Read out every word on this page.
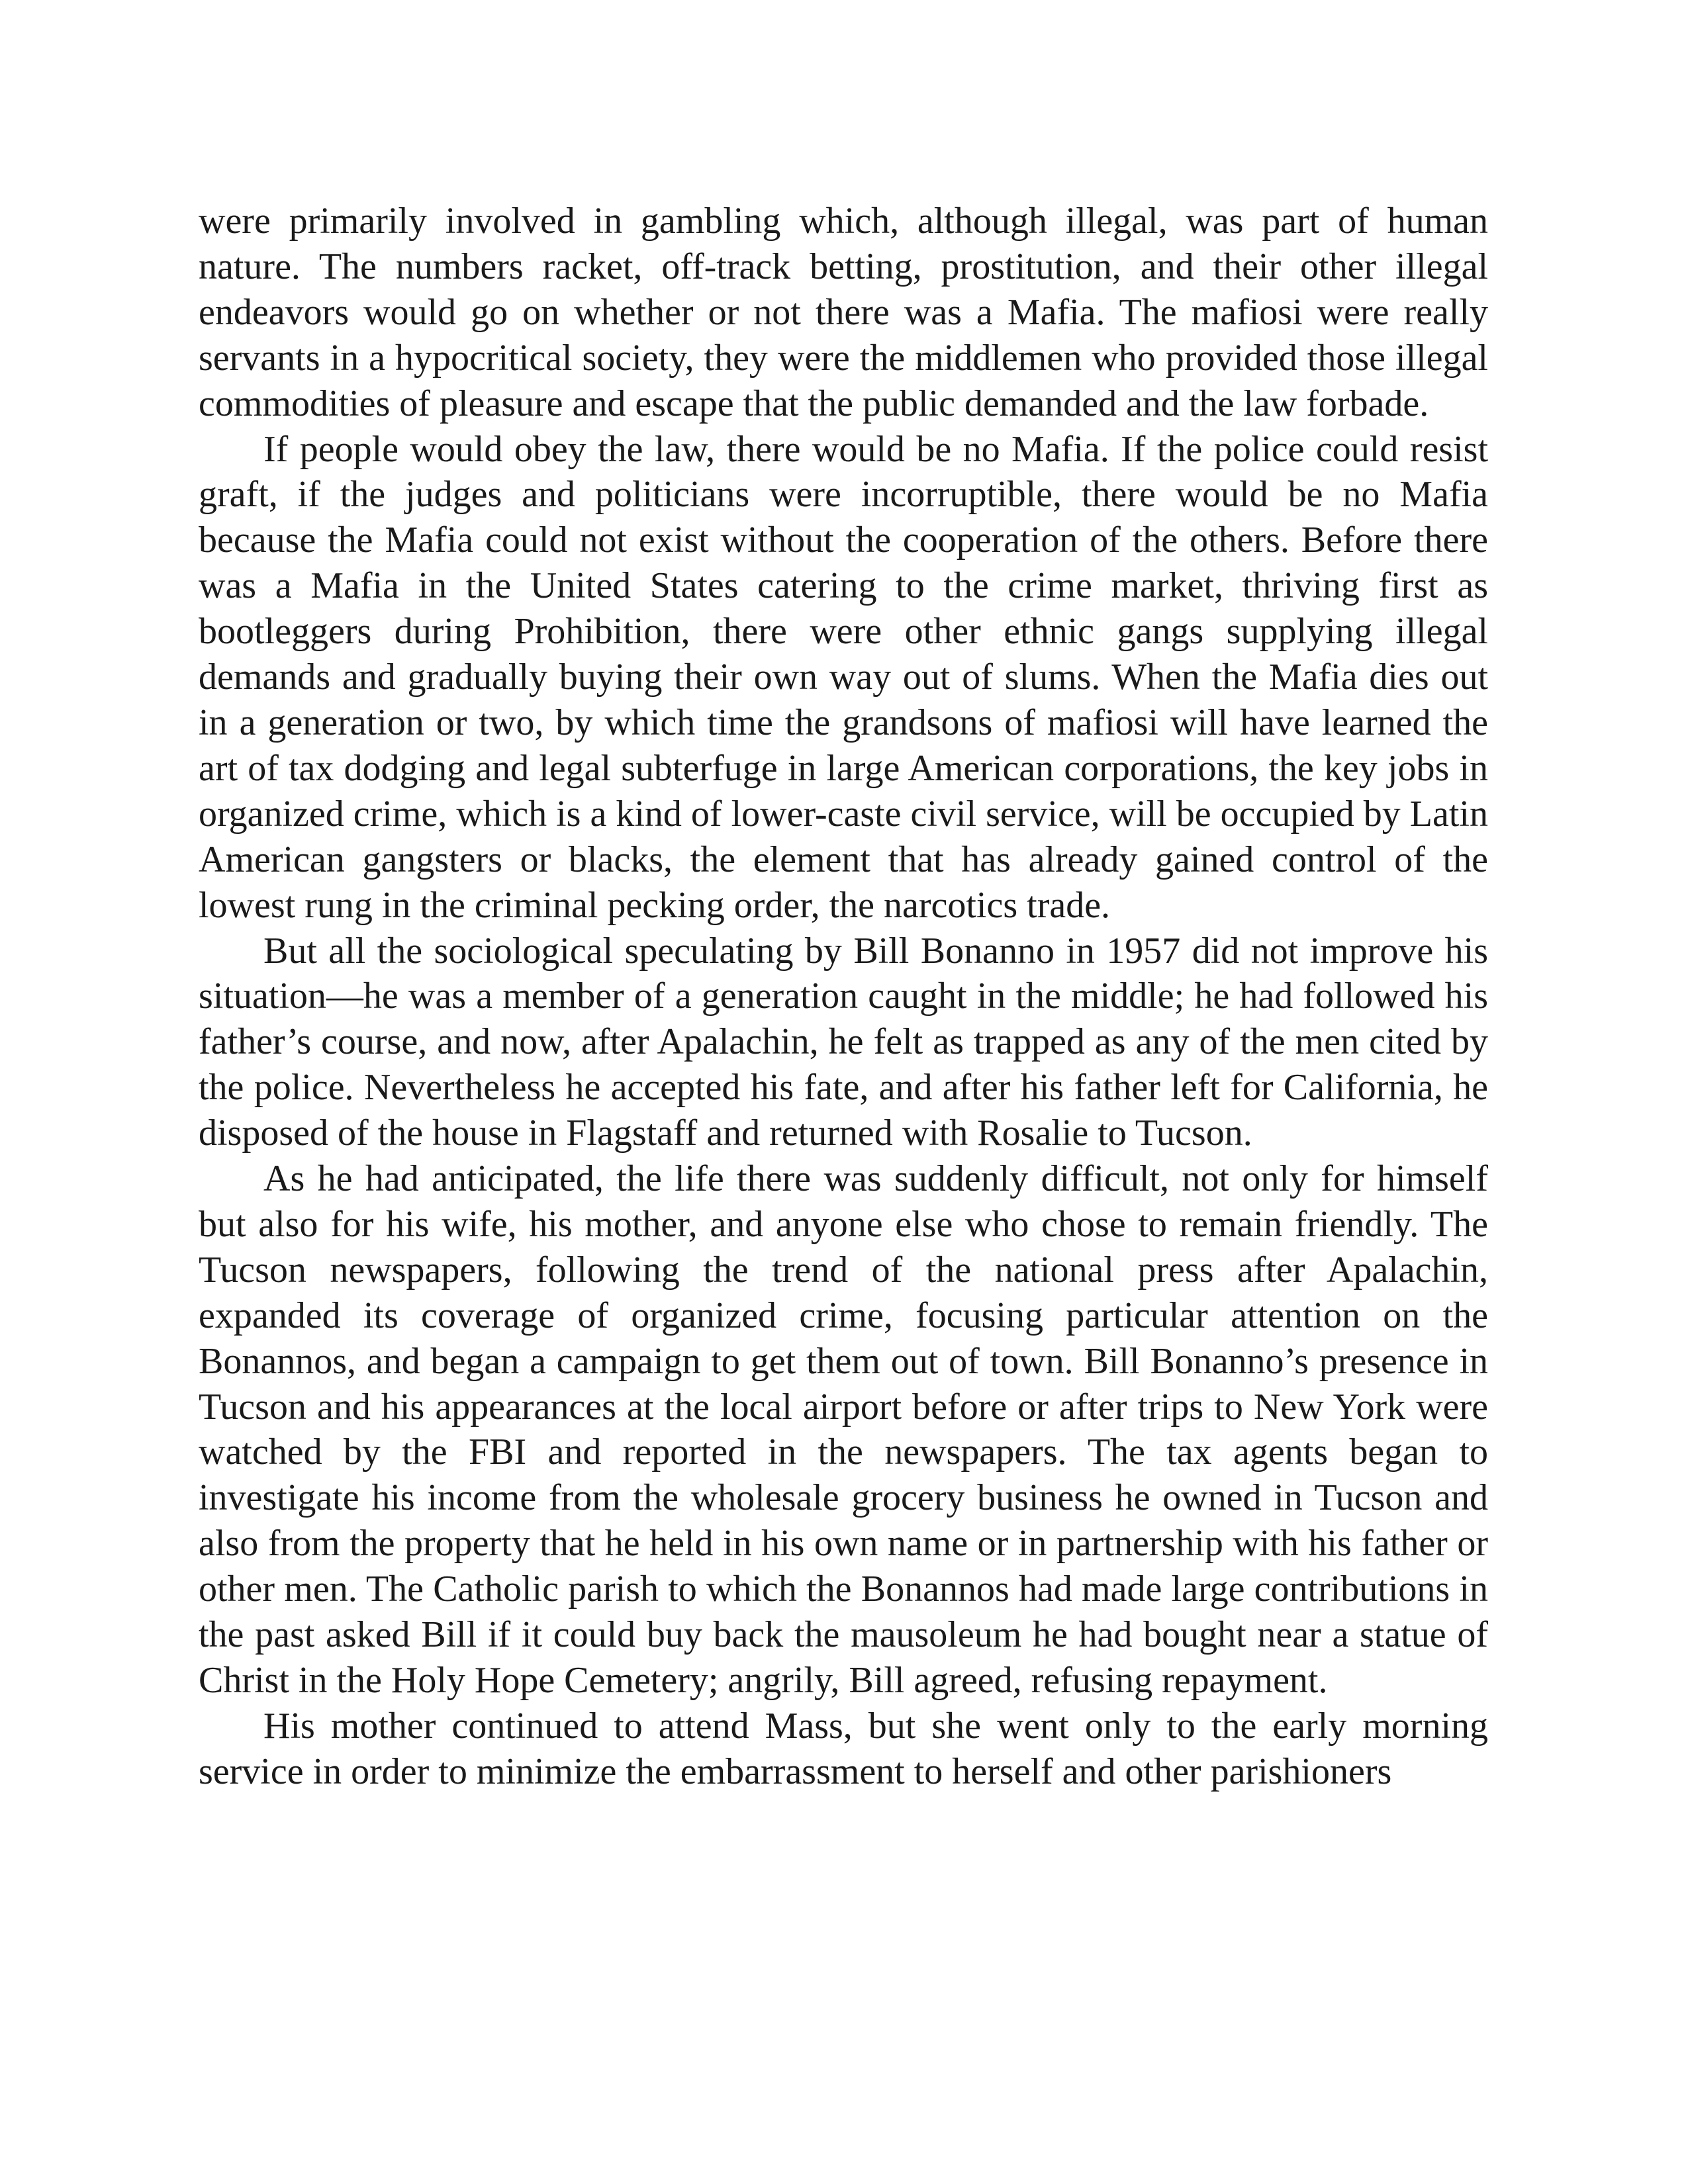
were primarily involved in gambling which, although illegal, was part of human nature. The numbers racket, off-track betting, prostitution, and their other illegal endeavors would go on whether or not there was a Mafia. The mafiosi were really servants in a hypocritical society, they were the middlemen who provided those illegal commodities of pleasure and escape that the public demanded and the law forbade.

If people would obey the law, there would be no Mafia. If the police could resist graft, if the judges and politicians were incorruptible, there would be no Mafia because the Mafia could not exist without the cooperation of the others. Before there was a Mafia in the United States catering to the crime market, thriving first as bootleggers during Prohibition, there were other ethnic gangs supplying illegal demands and gradually buying their own way out of slums. When the Mafia dies out in a generation or two, by which time the grandsons of mafiosi will have learned the art of tax dodging and legal subterfuge in large American corporations, the key jobs in organized crime, which is a kind of lower-caste civil service, will be occupied by Latin American gangsters or blacks, the element that has already gained control of the lowest rung in the criminal pecking order, the narcotics trade.

But all the sociological speculating by Bill Bonanno in 1957 did not improve his situation—he was a member of a generation caught in the middle; he had followed his father’s course, and now, after Apalachin, he felt as trapped as any of the men cited by the police. Nevertheless he accepted his fate, and after his father left for California, he disposed of the house in Flagstaff and returned with Rosalie to Tucson.

As he had anticipated, the life there was suddenly difficult, not only for himself but also for his wife, his mother, and anyone else who chose to remain friendly. The Tucson newspapers, following the trend of the national press after Apalachin, expanded its coverage of organized crime, focusing particular attention on the Bonannos, and began a campaign to get them out of town. Bill Bonanno’s presence in Tucson and his appearances at the local airport before or after trips to New York were watched by the FBI and reported in the newspapers. The tax agents began to investigate his income from the wholesale grocery business he owned in Tucson and also from the property that he held in his own name or in partnership with his father or other men. The Catholic parish to which the Bonannos had made large contributions in the past asked Bill if it could buy back the mausoleum he had bought near a statue of Christ in the Holy Hope Cemetery; angrily, Bill agreed, refusing repayment.

His mother continued to attend Mass, but she went only to the early morning service in order to minimize the embarrassment to herself and other parishioners
